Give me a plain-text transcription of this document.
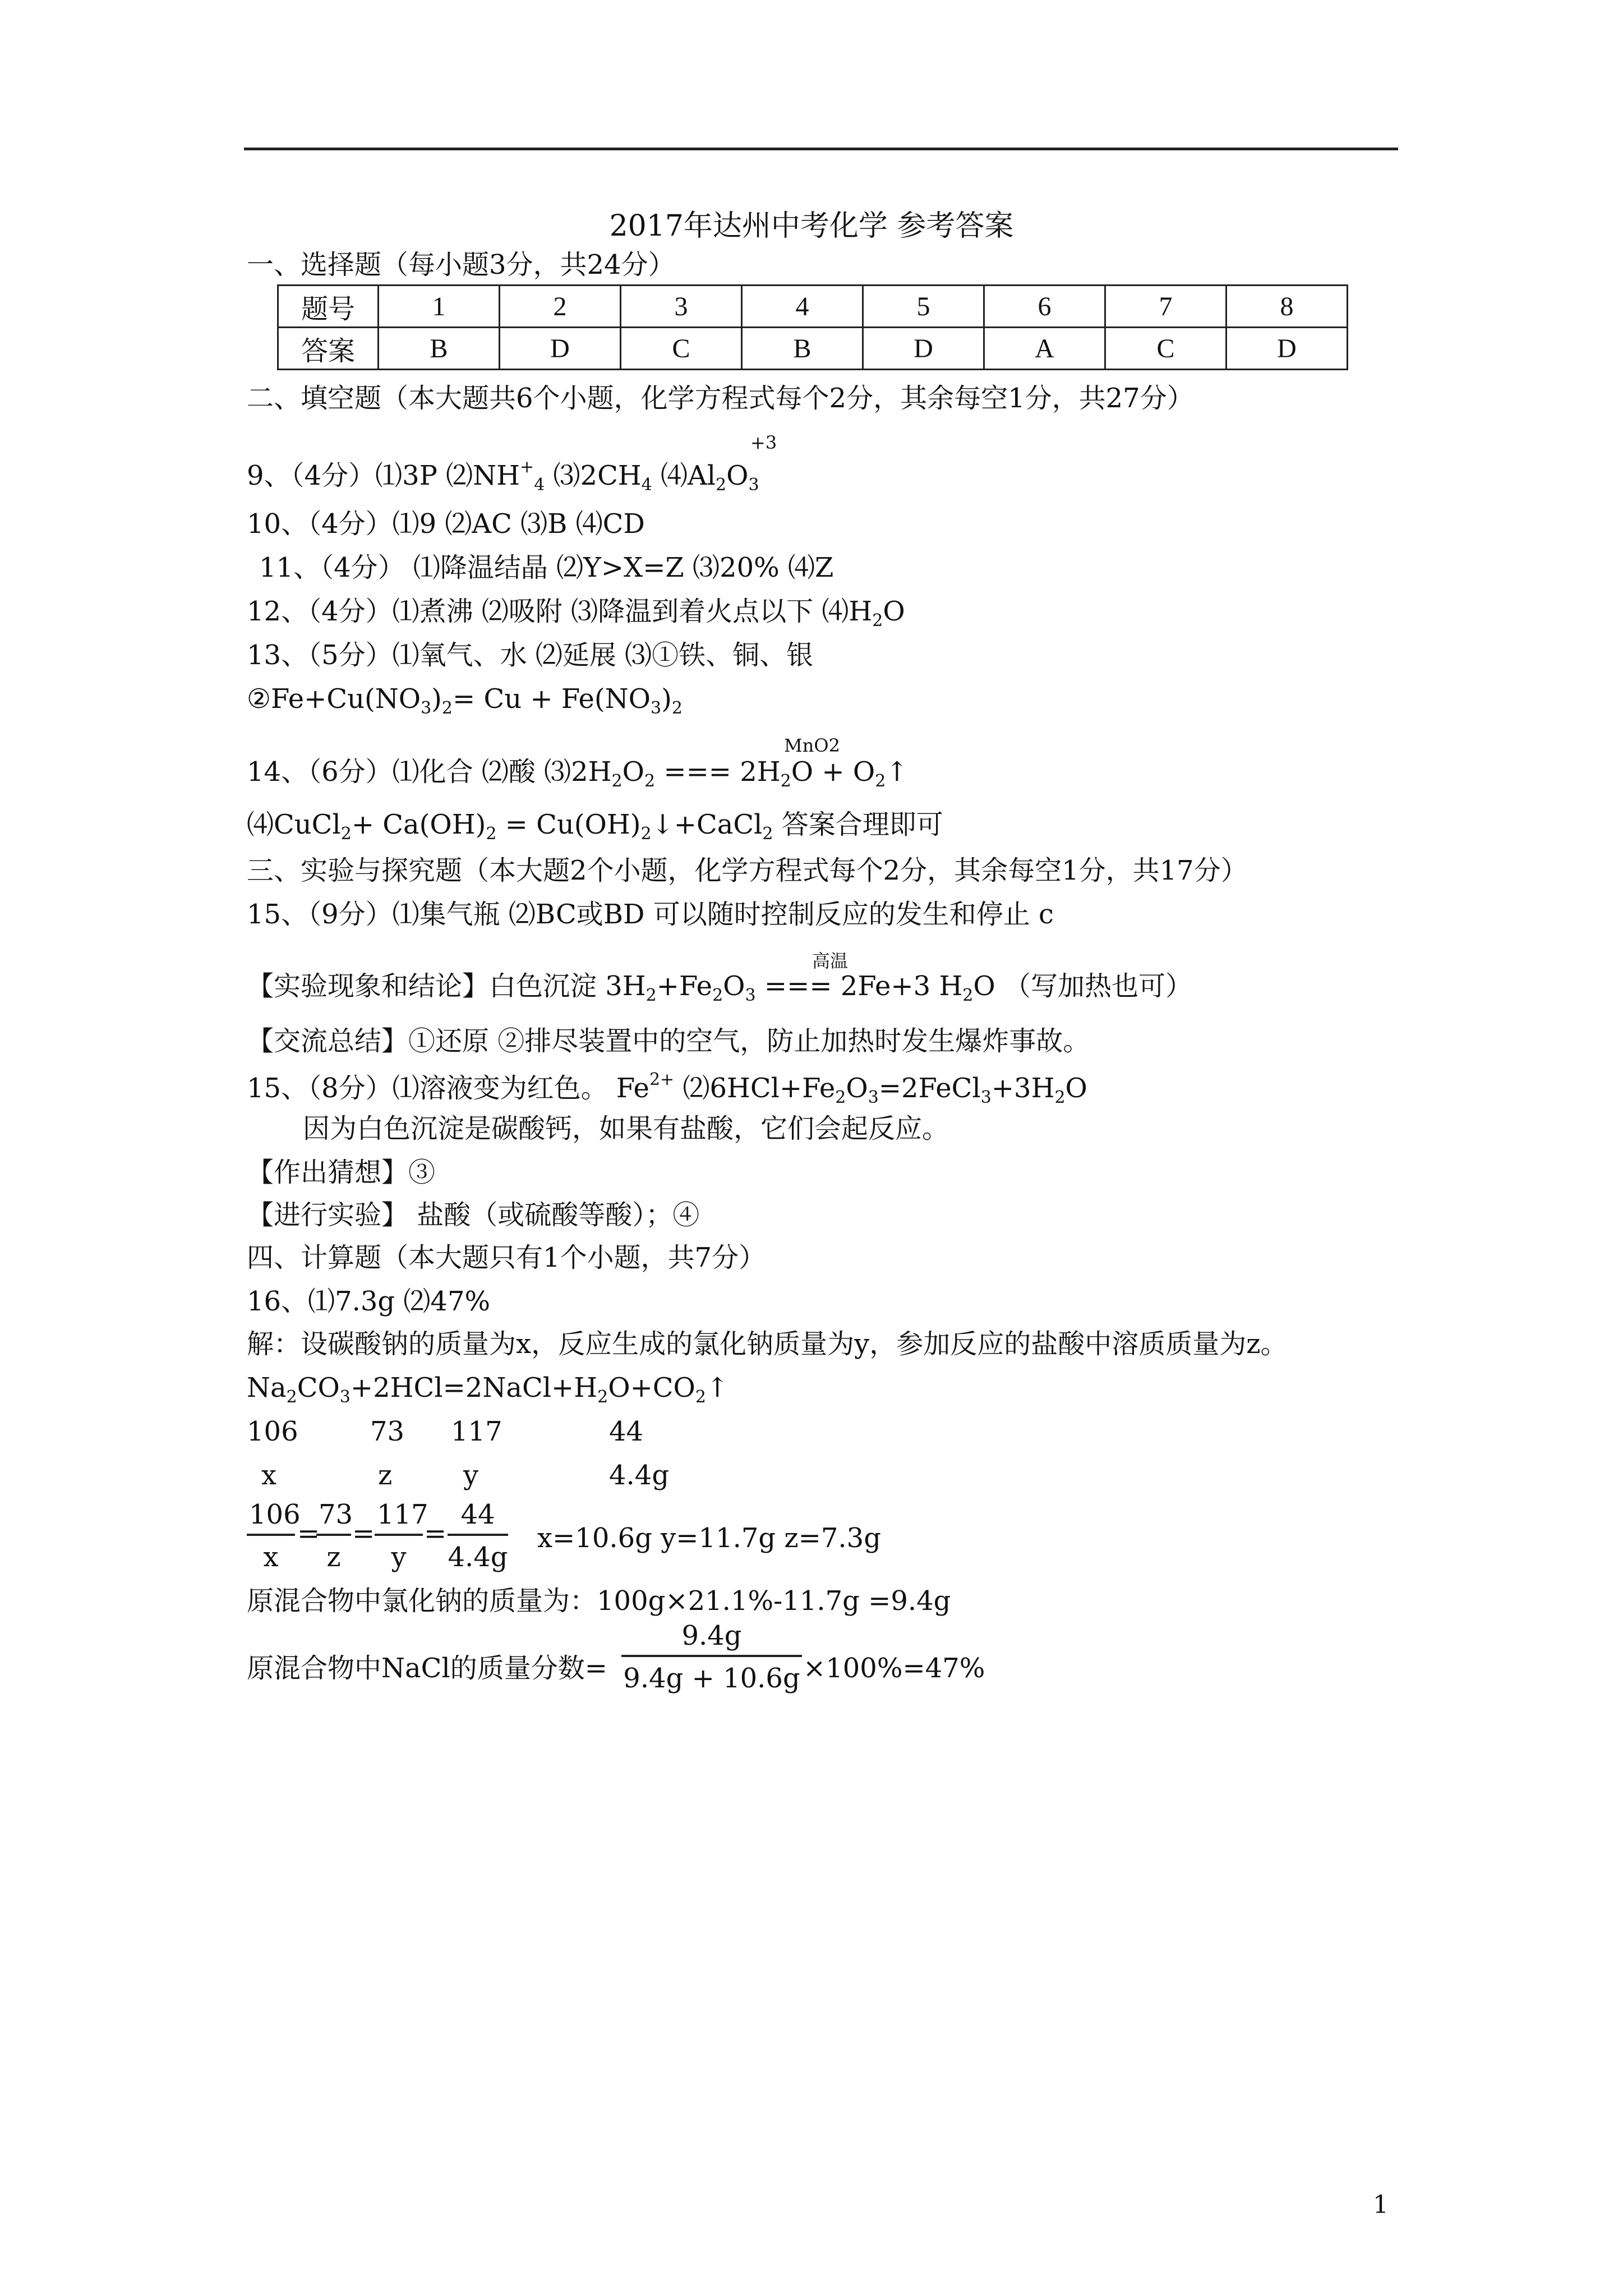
2017年达州中考化学 参考答案
一、选择题（每小题3分，共24分）
题号	1	2	3	4	5	6	7	8
答案	B	D	C	B	D	A	C	D
二、填空题（本大题共6个小题，化学方程式每个2分，其余每空1分，共27分）
+3
9、（4分）⑴3P $⑵NH^+_4$ $⑶2CH_4$ $⑷Al_2O_3$
10、（4分）⑴9 ⑵AC ⑶B ⑷CD
11、（4分） ⑴降温结晶 ⑵Y>X=Z ⑶20% ⑷Z
12、（4分）⑴煮沸 ⑵吸附 ⑶降温到着火点以下 $⑷H_2O$
13、（5分）⑴氧气、水 ⑵延展 ⑶①铁、铜、银
$②Fe+Cu(NO_3)_2= Cu + Fe(NO_3)_2$
MnO2
14、（6分）⑴化合 ⑵酸 $⑶2H_2O_2$ === $2H_2O$ + $O_2↑$
⑷CuCl$_2$+ $Ca(OH)_2$ = $Cu(OH)_2↓+CaCl_2$ 答案合理即可
三、实验与探究题（本大题2个小题，化学方程式每个2分，其余每空1分，共17分）
15、（9分）⑴集气瓶 ⑵BC或BD 可以随时控制反应的发生和停止 c
高温
【实验现象和结论】白色沉淀 $3H_2+Fe_2O_3$ === 2Fe+3 $H_2O$ （写加热也可）
【交流总结】①还原 ②排尽装置中的空气，防止加热时发生爆炸事故。
15、（8分）⑴溶液变为红色。 $Fe^{2+}$ $⑵6HCl+Fe_2O_3=2FeCl_3+3H_2O$
因为白色沉淀是碳酸钙，如果有盐酸，它们会起反应。
【作出猜想】③
【进行实验】 盐酸（或硫酸等酸）；④
四、计算题（本大题只有1个小题，共7分）
16、⑴7.3g ⑵47%
解：设碳酸钠的质量为x，反应生成的氯化钠质量为y，参加反应的盐酸中溶质质量为z。
$Na_2CO_3+2HCl=2NaCl+H_2O+CO_2↑$
106	73 117	44
x	z	y	4.4g
$\frac{106}{x}$ =
$\frac{73}{z} = \frac{117}{y} = \frac{44}{4.4g} x=10.6g$ y=11.7g z=7.3g
原混合物中氯化钠的质量为：100g×21.1%-11.7g =9.4g
原混合物中NaCl的质量分数= $\frac{9.4g}{9.4g + 10.6g} \times 100\%=47\%$
1
